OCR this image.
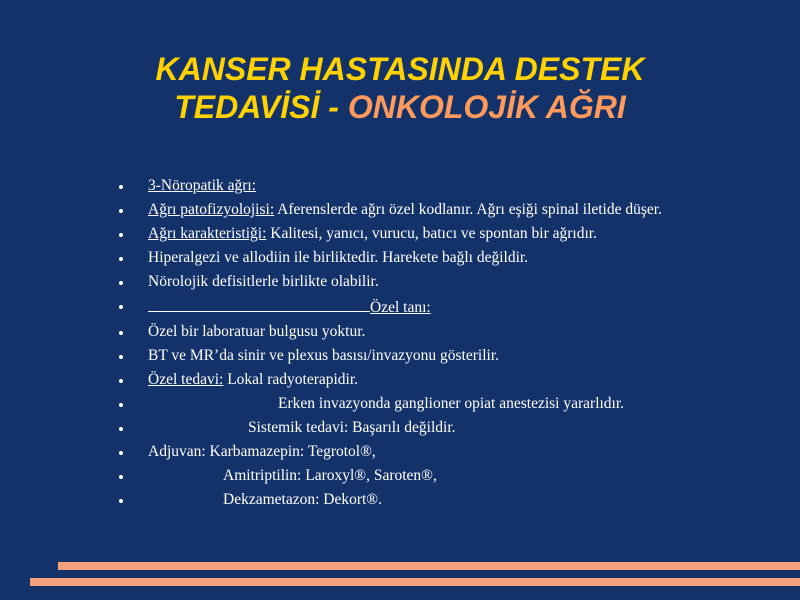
KANSER HASTASINDA DESTEK
TEDAVİSİ - ONKOLOJİK AĞRI
3-Nöropatik ağrı:
Ağrı patofizyolojisi: Aferenslerde ağrı özel kodlanır. Ağrı eşiği spinal iletide düşer.
Ağrı karakteristiği: Kalitesi, yanıcı, vurucu, batıcı ve spontan bir ağrıdır.
Hiperalgezi ve allodiin ile birliktedir. Harekete bağlı değildir.
Nörolojik defisitlerle birlikte olabilir.
Özel tanı:
Özel bir laboratuar bulgusu yoktur.
BT ve MR’da sinir ve plexus basısı/invazyonu gösterilir.
Özel tedavi: Lokal radyoterapidir.
Erken invazyonda ganglioner opiat anestezisi yararlıdır.
Sistemik tedavi: Başarılı değildir.
Adjuvan: Karbamazepin: Tegrotol®,
Amitriptilin: Laroxyl®, Saroten®,
Dekzametazon: Dekort®.
